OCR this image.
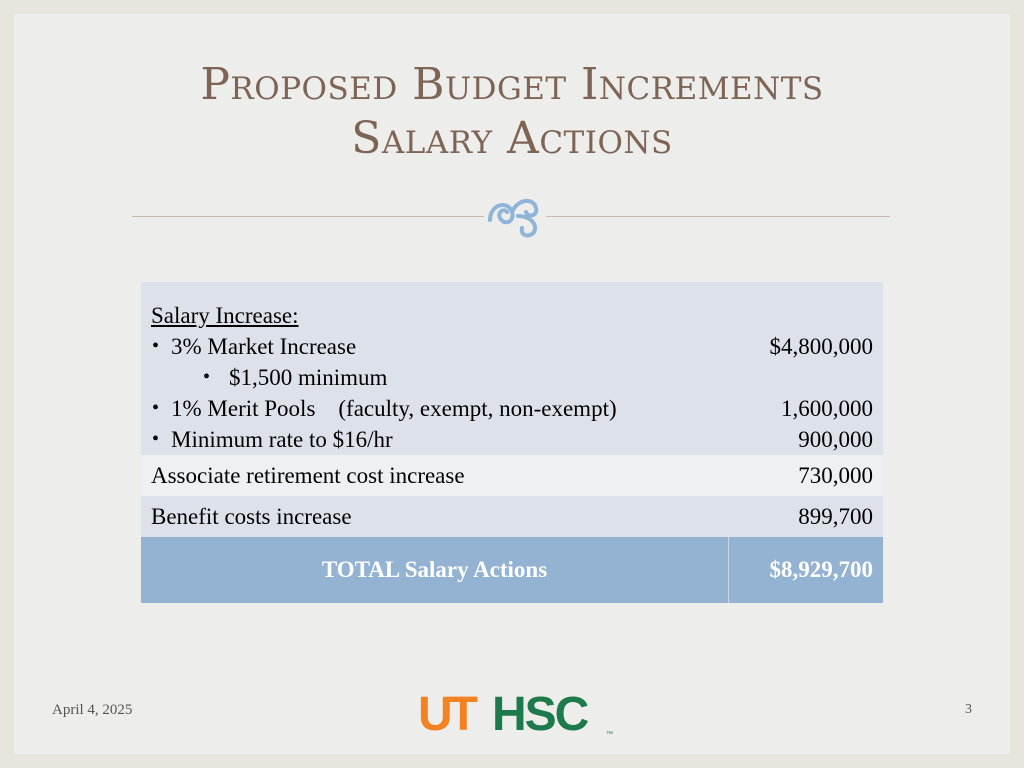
Proposed Budget Increments
Salary Actions
Salary Increase:
• 3% Market Increase	$4,800,000
• $1,500 minimum
• 1% Merit Pools    (faculty, exempt, non-exempt)	1,600,000
• Minimum rate to $16/hr	900,000
Associate retirement cost increase	730,000
Benefit costs increase	899,700
TOTAL Salary Actions	$8,929,700
April 4, 2025	UT HSC	™
3
